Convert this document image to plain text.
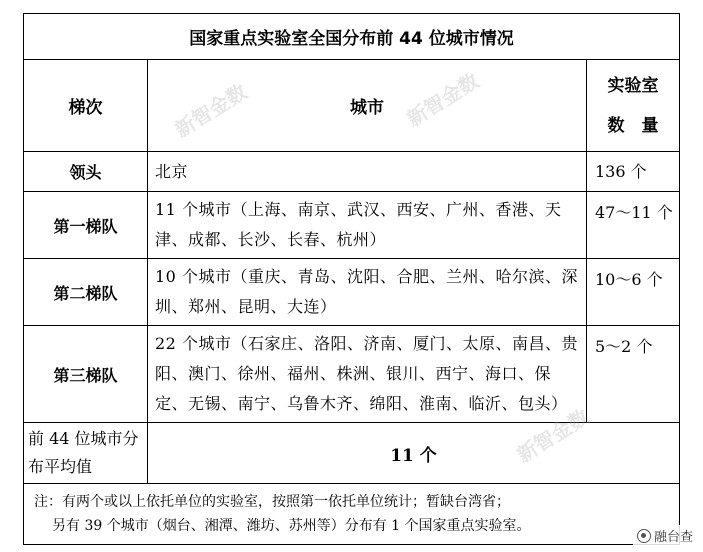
国家重点实验室全国分布前 44 位城市情况		
梯次	城市	实验室
数　量

领头	北京	136 个
第一梯队	11 个城市（上海、南京、武汉、西安、广州、香港、天津、成都、长沙、长春、杭州）	47～11 个
第二梯队	10 个城市（重庆、青岛、沈阳、合肥、兰州、哈尔滨、深圳、郑州、昆明、大连）	10～6 个
第三梯队	22 个城市（石家庄、洛阳、济南、厦门、太原、南昌、贵阳、澳门、徐州、福州、株洲、银川、西宁、海口、保定、无锡、南宁、乌鲁木齐、绵阳、淮南、临沂、包头）	5～2 个
前 44 位城市分布平均值	11 个	
注：有两个或以上依托单位的实验室，按照第一依托单位统计；暂缺台湾省；
另有 39 个城市（烟台、湘潭、潍坊、苏州等）分布有 1 个国家重点实验室。		
新智金数	新智金数
新智金数
融台查
